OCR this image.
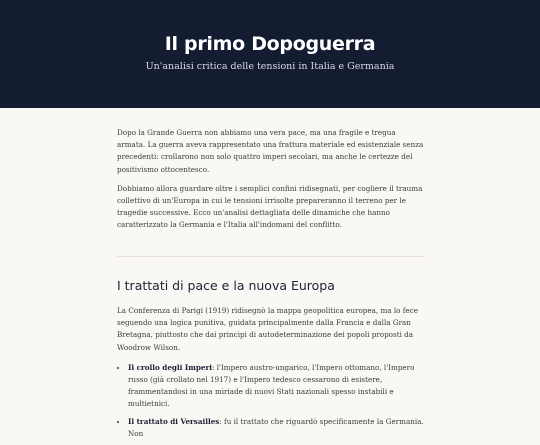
Il primo Dopoguerra
Un'analisi critica delle tensioni in Italia e Germania

Dopo la Grande Guerra non abbiamo una vera pace, ma una fragile e tregua armata. La guerra aveva rappresentato una frattura materiale ed esistenziale senza precedenti: crollarono non solo quattro imperi secolari, ma anche le certezze del positivismo ottocentesco.

Dobbiamo allora guardare oltre i semplici confini ridisegnati, per cogliere il trauma collettivo di un'Europa in cui le tensioni irrisolte prepareranno il terreno per le tragedie successive. Ecco un'analisi dettagliata delle dinamiche che hanno caratterizzato la Germania e l'Italia all'indomani del conflitto.

I trattati di pace e la nuova Europa

La Conferenza di Parigi (1919) ridisegnò la mappa geopolitica europea, ma lo fece seguendo una logica punitiva, guidata principalmente dalla Francia e dalla Gran Bretagna, piuttosto che dai principi di autodeterminazione dei popoli proposti da Woodrow Wilson.

• Il crollo degli Imperi: l'Impero austro-ungarico, l'Impero ottomano, l'Impero russo (già crollato nel 1917) e l'Impero tedesco cessarono di esistere, frammentandosi in una miriade di nuovi Stati nazionali spesso instabili e multietnici.
• Il trattato di Versailles: fu il trattato che riguardò specificamente la Germania. Non
